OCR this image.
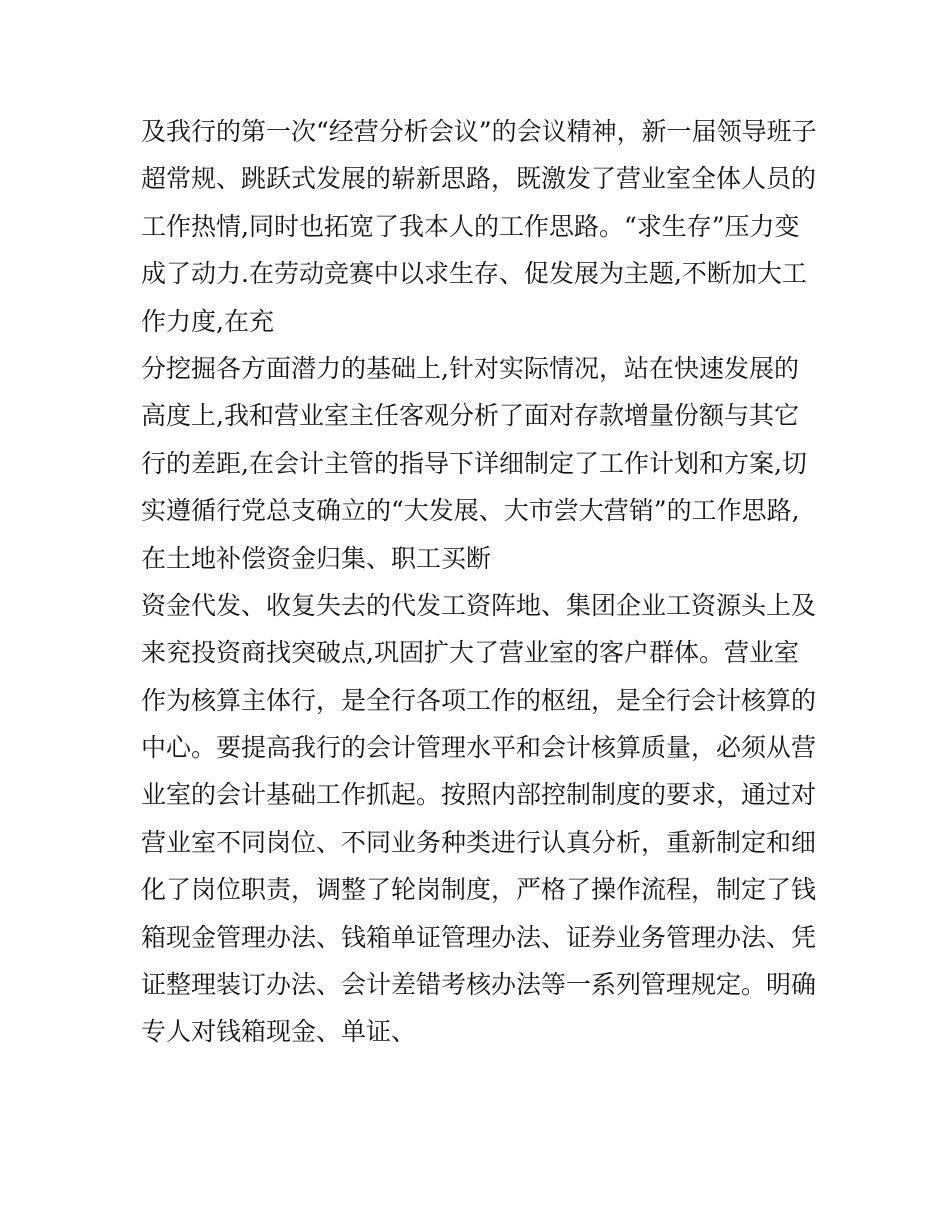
及我行的第一次“经营分析会议”的会议精神，新一届领导班子
超常规、跳跃式发展的崭新思路，既激发了营业室全体人员的
工作热情,同时也拓宽了我本人的工作思路。“求生存”压力变
成了动力.在劳动竞赛中以求生存、促发展为主题,不断加大工
作力度,在充
分挖掘各方面潜力的基础上,针对实际情况，站在快速发展的
高度上,我和营业室主任客观分析了面对存款增量份额与其它
行的差距,在会计主管的指导下详细制定了工作计划和方案,切
实遵循行党总支确立的“大发展、大市尝大营销”的工作思路,
在土地补偿资金归集、职工买断
资金代发、收复失去的代发工资阵地、集团企业工资源头上及
来兖投资商找突破点,巩固扩大了营业室的客户群体。营业室
作为核算主体行，是全行各项工作的枢纽，是全行会计核算的
中心。要提高我行的会计管理水平和会计核算质量，必须从营
业室的会计基础工作抓起。按照内部控制制度的要求，通过对
营业室不同岗位、不同业务种类进行认真分析，重新制定和细
化了岗位职责，调整了轮岗制度，严格了操作流程，制定了钱
箱现金管理办法、钱箱单证管理办法、证券业务管理办法、凭
证整理装订办法、会计差错考核办法等一系列管理规定。明确
专人对钱箱现金、单证、
